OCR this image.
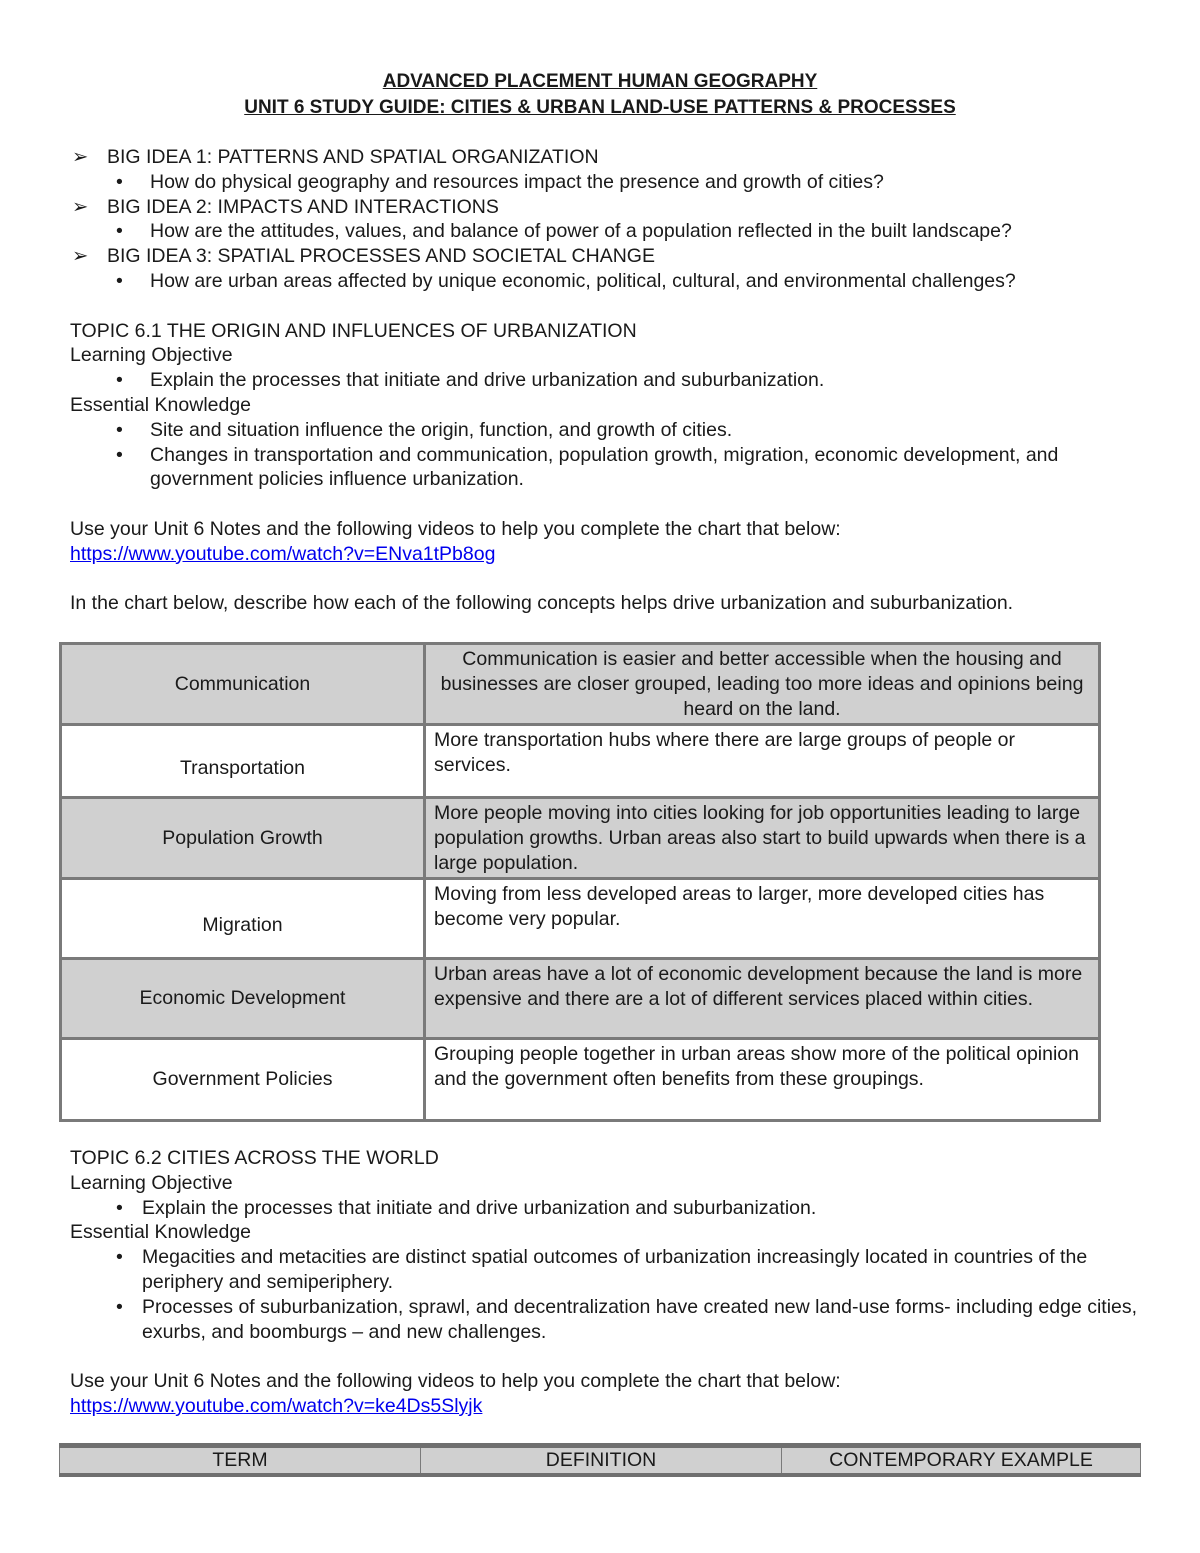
ADVANCED PLACEMENT HUMAN GEOGRAPHY
UNIT 6 STUDY GUIDE: CITIES & URBAN LAND-USE PATTERNS & PROCESSES
➢ BIG IDEA 1: PATTERNS AND SPATIAL ORGANIZATION
•	How do physical geography and resources impact the presence and growth of cities?
➢ BIG IDEA 2: IMPACTS AND INTERACTIONS
•	How are the attitudes, values, and balance of power of a population reflected in the built landscape?
➢ BIG IDEA 3: SPATIAL PROCESSES AND SOCIETAL CHANGE
•	How are urban areas affected by unique economic, political, cultural, and environmental challenges?
TOPIC 6.1 THE ORIGIN AND INFLUENCES OF URBANIZATION
Learning Objective
•	Explain the processes that initiate and drive urbanization and suburbanization.
Essential Knowledge
•	Site and situation influence the origin, function, and growth of cities.
•	Changes in transportation and communication, population growth, migration, economic development, and government policies influence urbanization.
Use your Unit 6 Notes and the following videos to help you complete the chart that below:
https://www.youtube.com/watch?v=ENva1tPb8og
In the chart below, describe how each of the following concepts helps drive urbanization and suburbanization.
Communication	Communication is easier and better accessible when the housing and businesses are closer grouped, leading too more ideas and opinions being heard on the land.
Transportation	More transportation hubs where there are large groups of people or services.
Population Growth	More people moving into cities looking for job opportunities leading to large population growths. Urban areas also start to build upwards when there is a large population.
Migration	Moving from less developed areas to larger, more developed cities has become very popular.
Economic Development	Urban areas have a lot of economic development because the land is more expensive and there are a lot of different services placed within cities.
Government Policies	Grouping people together in urban areas show more of the political opinion and the government often benefits from these groupings.
TOPIC 6.2 CITIES ACROSS THE WORLD
Learning Objective
• Explain the processes that initiate and drive urbanization and suburbanization.
Essential Knowledge
• Megacities and metacities are distinct spatial outcomes of urbanization increasingly located in countries of the periphery and semiperiphery.
• Processes of suburbanization, sprawl, and decentralization have created new land-use forms- including edge cities, exurbs, and boomburgs – and new challenges.
Use your Unit 6 Notes and the following videos to help you complete the chart that below:
https://www.youtube.com/watch?v=ke4Ds5Slyjk
TERM	DEFINITION	CONTEMPORARY EXAMPLE
